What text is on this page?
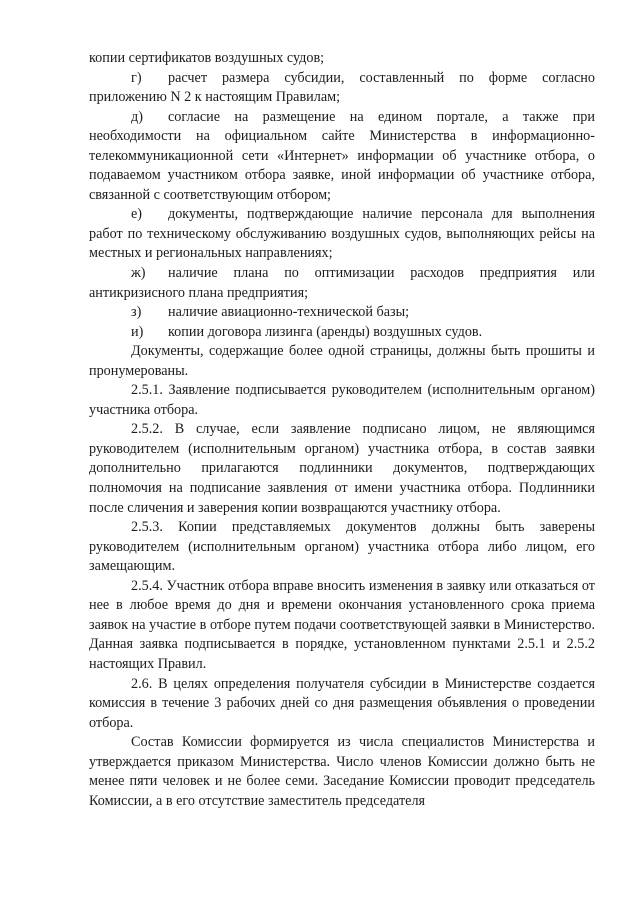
копии сертификатов воздушных судов;

г) расчет размера субсидии, составленный по форме согласно приложению N 2 к настоящим Правилам;

д) согласие на размещение на едином портале, а также при необходимости на официальном сайте Министерства в информационно-телекоммуникационной сети «Интернет» информации об участнике отбора, о подаваемом участником отбора заявке, иной информации об участнике отбора, связанной с соответствующим отбором;

е) документы, подтверждающие наличие персонала для выполнения работ по техническому обслуживанию воздушных судов, выполняющих рейсы на местных и региональных направлениях;

ж) наличие плана по оптимизации расходов предприятия или антикризисного плана предприятия;

з) наличие авиационно-технической базы;

и) копии договора лизинга (аренды) воздушных судов.

Документы, содержащие более одной страницы, должны быть прошиты и пронумерованы.

2.5.1. Заявление подписывается руководителем (исполнительным органом) участника отбора.

2.5.2. В случае, если заявление подписано лицом, не являющимся руководителем (исполнительным органом) участника отбора, в состав заявки дополнительно прилагаются подлинники документов, подтверждающих полномочия на подписание заявления от имени участника отбора. Подлинники после сличения и заверения копии возвращаются участнику отбора.

2.5.3. Копии представляемых документов должны быть заверены руководителем (исполнительным органом) участника отбора либо лицом, его замещающим.

2.5.4. Участник отбора вправе вносить изменения в заявку или отказаться от нее в любое время до дня и времени окончания установленного срока приема заявок на участие в отборе путем подачи соответствующей заявки в Министерство. Данная заявка подписывается в порядке, установленном пунктами 2.5.1 и 2.5.2 настоящих Правил.

2.6. В целях определения получателя субсидии в Министерстве создается комиссия в течение 3 рабочих дней со дня размещения объявления о проведении отбора.

Состав Комиссии формируется из числа специалистов Министерства и утверждается приказом Министерства. Число членов Комиссии должно быть не менее пяти человек и не более семи. Заседание Комиссии проводит председатель Комиссии, а в его отсутствие заместитель председателя
